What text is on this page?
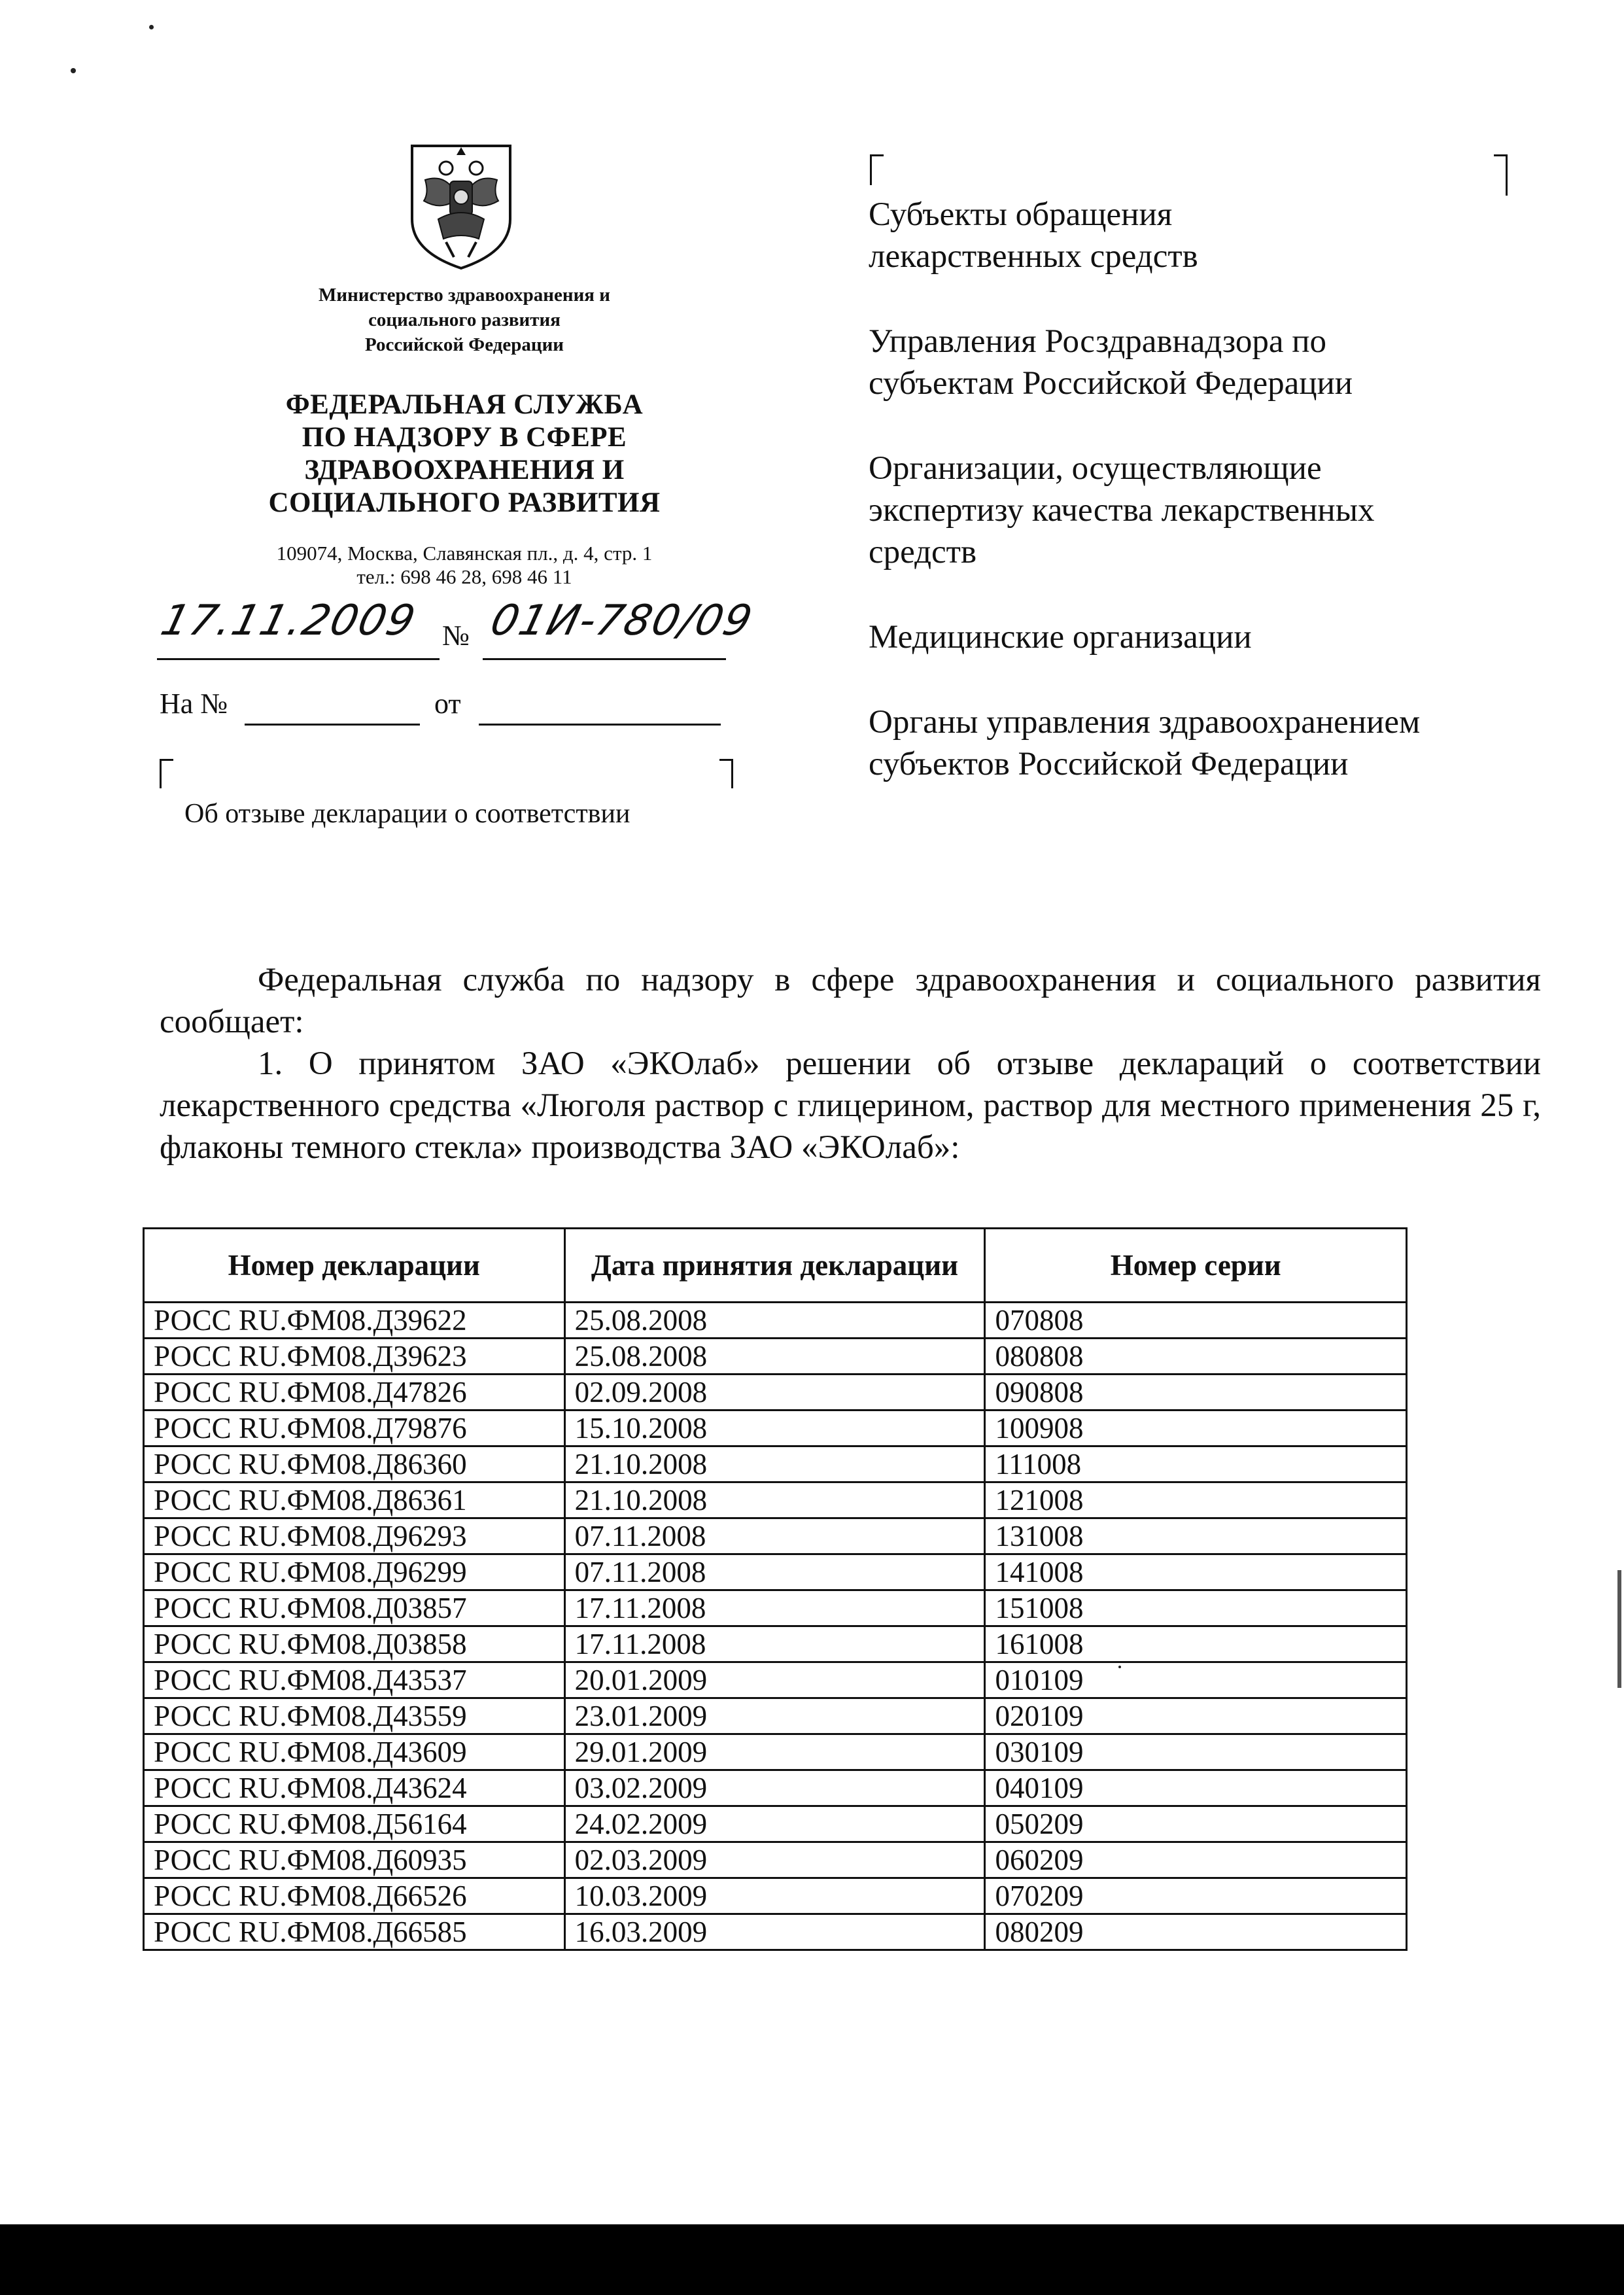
Министерство здравоохранения и
социального развития
Российской Федерации
ФЕДЕРАЛЬНАЯ СЛУЖБА
ПО НАДЗОРУ В СФЕРЕ
ЗДРАВООХРАНЕНИЯ И
СОЦИАЛЬНОГО РАЗВИТИЯ
109074, Москва, Славянская пл., д. 4, стр. 1
тел.: 698 46 28, 698 46 11
17.11.2009 № 01И-780/09
На №	от
Об отзыве декларации о соответствии
Субъекты обращения
лекарственных средств
Управления Росздравнадзора по
субъектам Российской Федерации
Организации, осуществляющие
экспертизу качества лекарственных
средств
Медицинские организации
Органы управления здравоохранением
субъектов Российской Федерации

Федеральная служба по надзору в сфере здравоохранения и социального развития сообщает:

1. О принятом ЗАО «ЭКОлаб» решении об отзыве деклараций о соответствии лекарственного средства «Люголя раствор с глицерином, раствор для местного применения 25 г, флаконы темного стекла» производства ЗАО «ЭКОлаб»:

Номер декларации	Дата принятия декларации	Номер серии
РОСС RU.ФМ08.Д39622	25.08.2008	070808
РОСС RU.ФМ08.Д39623	25.08.2008	080808
РОСС RU.ФМ08.Д47826	02.09.2008	090808
РОСС RU.ФМ08.Д79876	15.10.2008	100908
РОСС RU.ФМ08.Д86360	21.10.2008	111008
РОСС RU.ФМ08.Д86361	21.10.2008	121008
РОСС RU.ФМ08.Д96293	07.11.2008	131008
РОСС RU.ФМ08.Д96299	07.11.2008	141008
РОСС RU.ФМ08.Д03857	17.11.2008	151008
РОСС RU.ФМ08.Д03858	17.11.2008	161008
РОСС RU.ФМ08.Д43537	20.01.2009	010109
РОСС RU.ФМ08.Д43559	23.01.2009	020109
РОСС RU.ФМ08.Д43609	29.01.2009	030109
РОСС RU.ФМ08.Д43624	03.02.2009	040109
РОСС RU.ФМ08.Д56164	24.02.2009	050209
РОСС RU.ФМ08.Д60935	02.03.2009	060209
РОСС RU.ФМ08.Д66526	10.03.2009	070209
РОСС RU.ФМ08.Д66585	16.03.2009	080209
